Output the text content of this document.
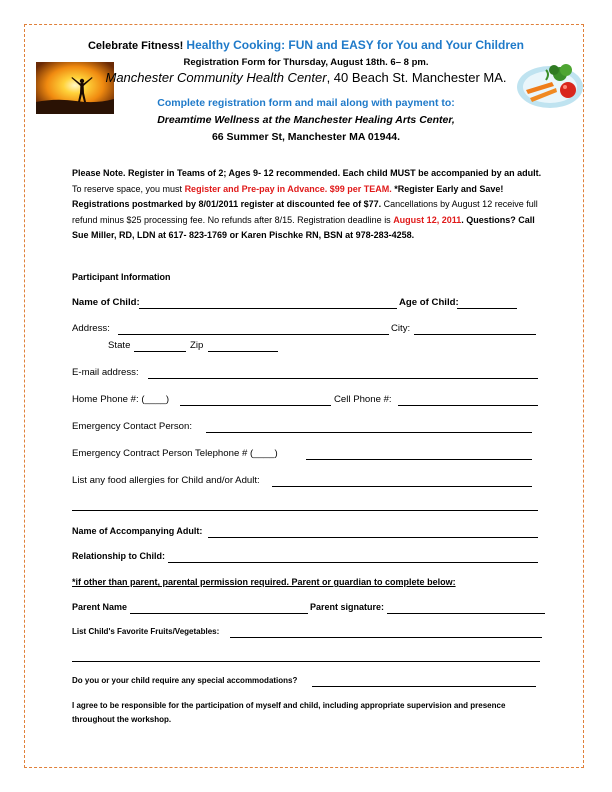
Celebrate Fitness! Healthy Cooking: FUN and EASY for You and Your Children
Registration Form for Thursday, August 18th. 6– 8 pm.
Manchester Community Health Center, 40 Beach St. Manchester MA.
Complete registration form and mail along with payment to:
Dreamtime Wellness at the Manchester Healing Arts Center,
66 Summer St, Manchester MA 01944.
Please Note. Register in Teams of 2; Ages 9- 12 recommended. Each child MUST be accompanied by an adult. To reserve space, you must Register and Pre-pay in Advance. $99 per TEAM. *Register Early and Save! Registrations postmarked by 8/01/2011 register at discounted fee of $77. Cancellations by August 12 receive full refund minus $25 processing fee. No refunds after 8/15. Registration deadline is August 12, 2011. Questions? Call Sue Miller, RD, LDN at 617- 823-1769 or Karen Pischke RN, BSN at 978-283-4258.
Participant Information
Name of Child:	Age of Child:
Address:	City:
State	Zip
E-mail address:
Home Phone #: (____)	Cell Phone #:
Emergency Contact Person:
Emergency Contract Person Telephone # (____)
List any food allergies for Child and/or Adult:
Name of Accompanying Adult:
Relationship to Child:
*if other than parent, parental permission required. Parent or guardian to complete below:
Parent Name	Parent signature:
List Child's Favorite Fruits/Vegetables:
Do you or your child require any special accommodations?
I agree to be responsible for the participation of myself and child, including appropriate supervision and presence throughout the workshop.
